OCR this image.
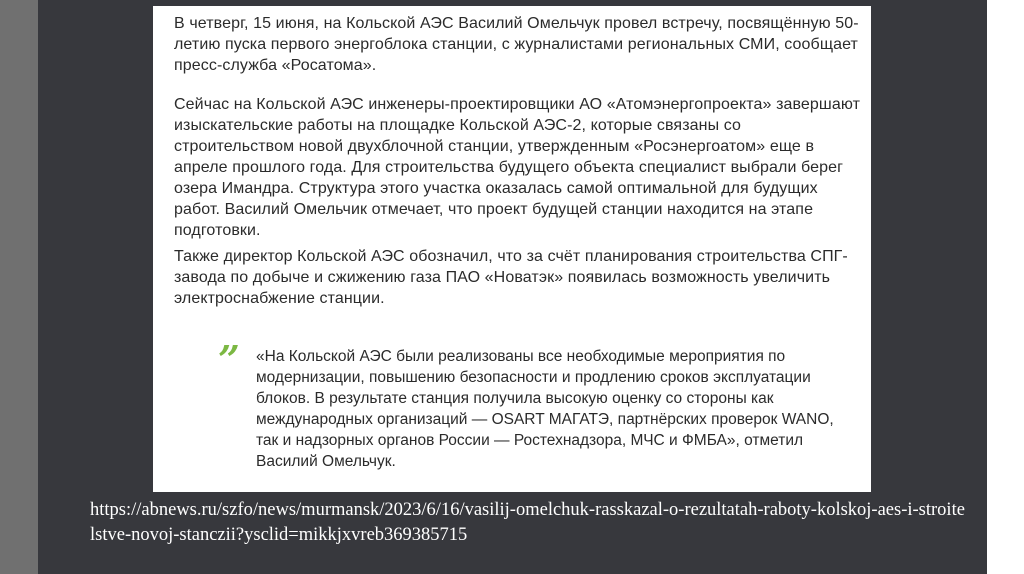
В четверг, 15 июня, на Кольской АЭС Василий Омельчук провел встречу, посвящённую 50-летию пуска первого энергоблока станции, с журналистами региональных СМИ, сообщает пресс-служба «Росатома».

Сейчас на Кольской АЭС инженеры-проектировщики АО «Атомэнергопроекта» завершают изыскательские работы на площадке Кольской АЭС-2, которые связаны со строительством новой двухблочной станции, утвержденным «Росэнергоатом» еще в апреле прошлого года. Для строительства будущего объекта специалист выбрали берег озера Имандра. Структура этого участка оказалась самой оптимальной для будущих работ. Василий Омельчик отмечает, что проект будущей станции находится на этапе подготовки.

Также директор Кольской АЭС обозначил, что за счёт планирования строительства СПГ-завода по добыче и сжижению газа ПАО «Новатэк» появилась возможность увеличить электроснабжение станции.

” «На Кольской АЭС были реализованы все необходимые мероприятия по модернизации, повышению безопасности и продлению сроков эксплуатации блоков. В результате станция получила высокую оценку со стороны как международных организаций — OSART МАГАТЭ, партнёрских проверок WANO, так и надзорных органов России — Ростехнадзора, МЧС и ФМБА», отметил Василий Омельчук.

https://abnews.ru/szfo/news/murmansk/2023/6/16/vasilij-omelchuk-rasskazal-o-rezultatah-raboty-kolskoj-aes-i-stroitelstve-novoj-stanczii?ysclid=mikkjxvreb369385715
